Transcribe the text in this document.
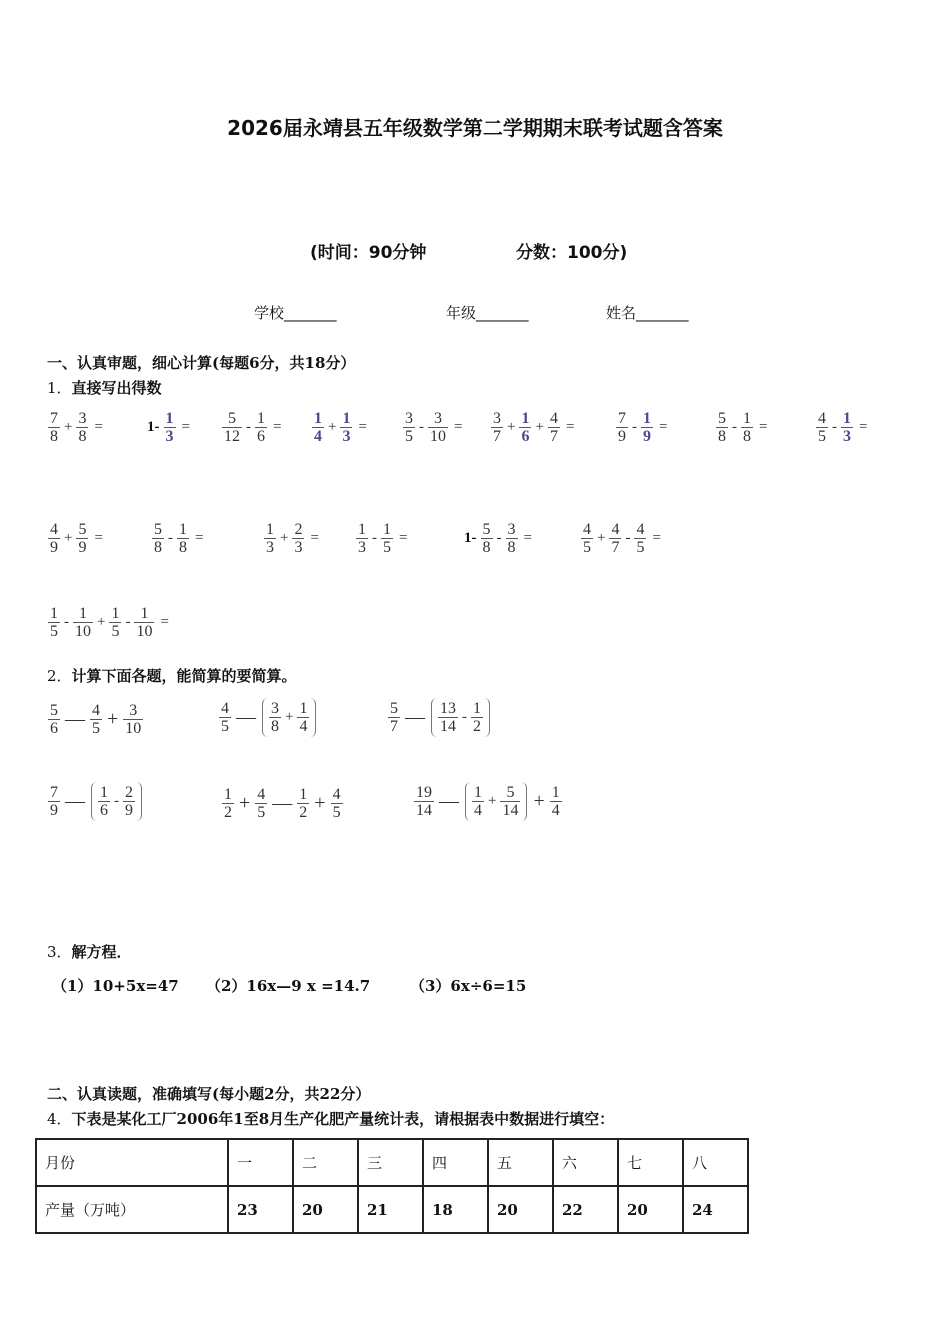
2026届永靖县五年级数学第二学期期末联考试题含答案
(时间：90分钟	分数：100分)
学校_______	年级_______	姓名_______
一、认真审题，细心计算(每题6分，共18分）
1．直接写出得数
7
8
+ $\frac{3}{8}$ =	$1- \frac{1}{3} = 5$
12
- $\frac{1}{6} = 1$
4
+ $\frac{1}{3} = 3$
5
- $\frac{3}{10} = 3$
7
+ $\frac{1}{6} + \frac{4}{7}$ =	7
9
- $\frac{1}{9}$ =	5
8
- $\frac{1}{8}$ =	4
5
- $\frac{1}{3}$ =
4
9
+ $\frac{5}{9}$ =	5
8
- $\frac{1}{8}$ =	1
3
+ $\frac{2}{3} = 1$
3
- $\frac{1}{5}$ =	1- 5
8
- $\frac{3}{8}$ =	4
5
+ $\frac{4}{7} - \frac{4}{5}$ =
1
5
- 1
10
+ $\frac{1}{5} - \frac{1}{10}$ =
2．计算下面各题，能简算的要简算。
5
6 — 4
$5 + \frac{3}{10}$	4
5 — 3
8
+ $\frac{1}{4}$	5
7 — 13
14
- 1
2
7
9 — 1
6
- 2
9
1
$2 + \frac{4}{5}$ — 1
$2 + \frac{4}{5}$	19
14 — 1
4
+ $\frac{5}{14} + \frac{1}{4}$
3．解方程．
（1）10+5x=47 （2）16x—9 x =14.7	（3）6x÷6=15
二、认真读题，准确填写(每小题2分，共22分）
4．下表是某化工厂2006年1至8月生产化肥产量统计表，请根据表中数据进行填空：
月份	一	二	三	四	五	六	七	八
产量（万吨）	23	20	21	18	20	22	20	24
